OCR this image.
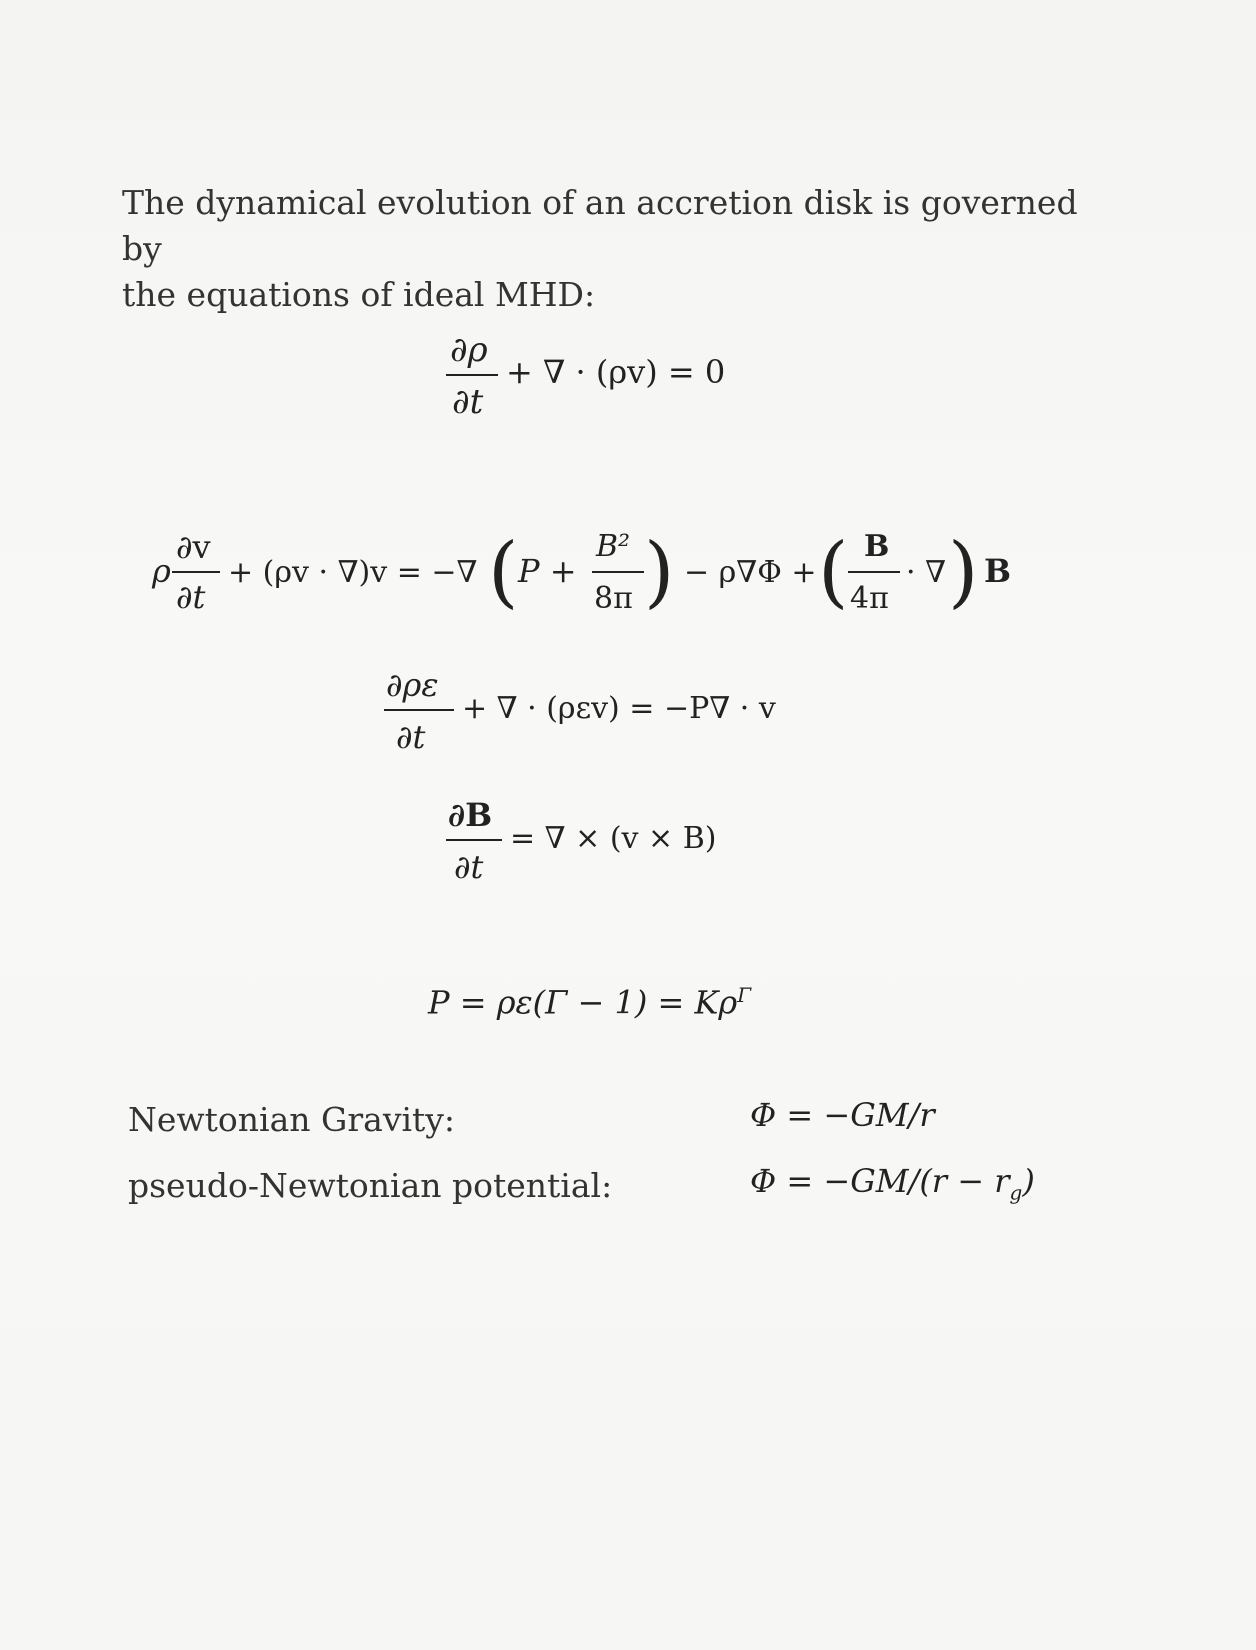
The dynamical evolution of an accretion disk is governed by
the equations of ideal MHD:
∂ρ
∂t
+ ∇ · (ρv) = 0
ρ
∂v
∂t
+ (ρv · ∇)v = −∇ ( P +
B²
8π ) − ρ∇Φ + ( B
4π
· ∇ ) B
∂ρε
∂t
+ ∇ · (ρεv) = −P∇ · v
∂B
∂t
= ∇ × (v × B)
$P = \rho\varepsilon(\Gamma - 1) = K\rho^\Gamma$
Newtonian Gravity:	Φ = −GM/r
pseudo-Newtonian potential:	$\Phi = -GM/(r - r_g)$
